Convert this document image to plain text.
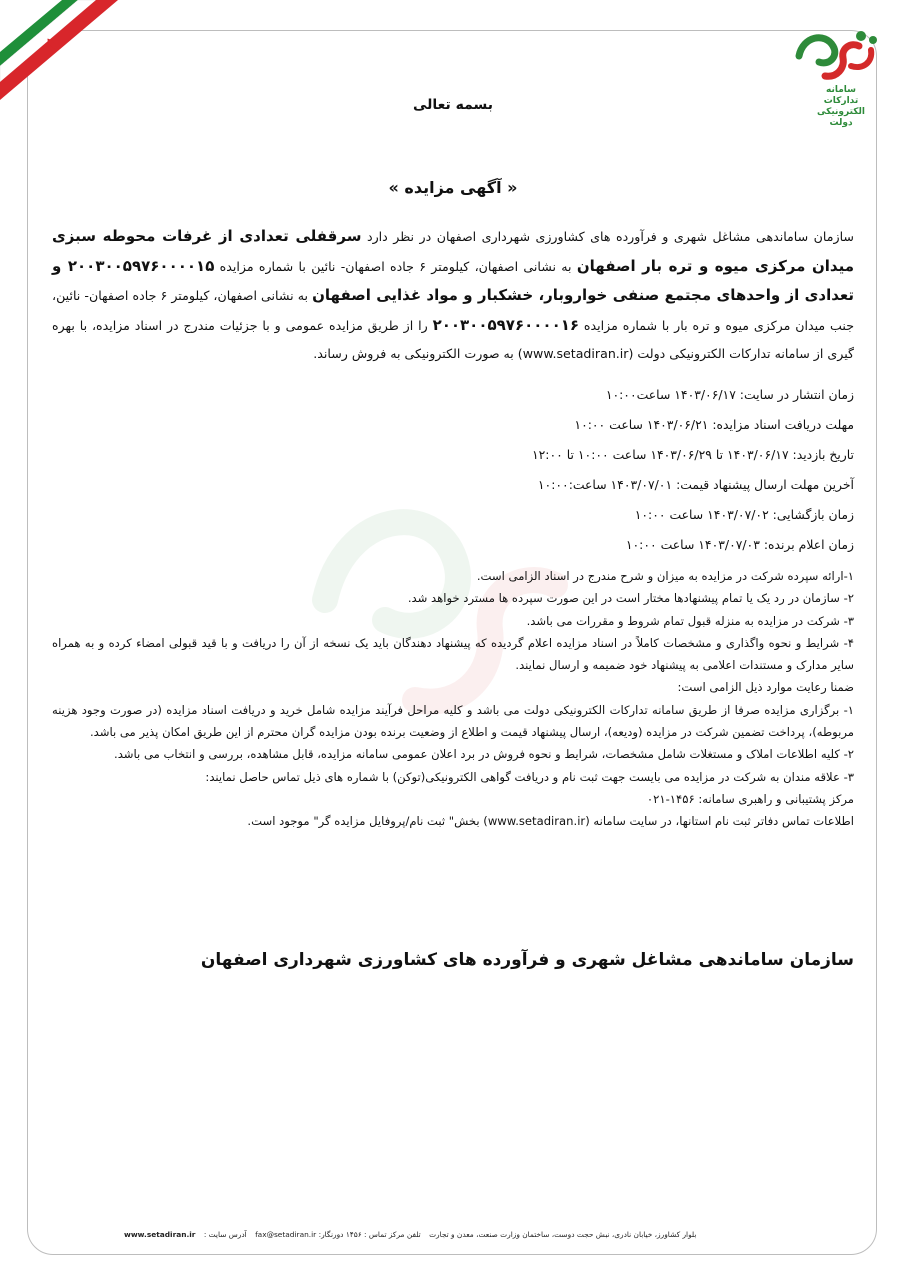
سامانه
تدارکات
الکترونیکی
دولت
بسمه تعالی
« آگهی مزایده »
سازمان ساماندهی مشاغل شهری و فرآورده های کشاورزی شهرداری اصفهان در نظر دارد سرقفلی تعدادی از غرفات محوطه سبزی میدان مرکزی میوه و تره بار اصفهان به نشانی اصفهان، کیلومتر ۶ جاده اصفهان- نائین با شماره مزایده ۲۰۰۳۰۰۵۹۷۶۰۰۰۰۱۵ و تعدادی از واحدهای مجتمع صنفی خواروبار، خشکبار و مواد غذایی اصفهان به نشانی اصفهان، کیلومتر ۶ جاده اصفهان- نائین، جنب میدان مرکزی میوه و تره بار با شماره مزایده ۲۰۰۳۰۰۵۹۷۶۰۰۰۰۱۶ را از طریق مزایده عمومی و با جزئیات مندرج در اسناد مزایده، با بهره گیری از سامانه تدارکات الکترونیکی دولت (www.setadiran.ir) به صورت الکترونیکی به فروش رساند.

زمان انتشار در سایت: ۱۴۰۳/۰۶/۱۷ ساعت۱۰:۰۰

مهلت دریافت اسناد مزایده: ۱۴۰۳/۰۶/۲۱ ساعت ۱۰:۰۰

تاریخ بازدید: ۱۴۰۳/۰۶/۱۷ تا ۱۴۰۳/۰۶/۲۹ ساعت ۱۰:۰۰ تا ۱۲:۰۰

آخرین مهلت ارسال پیشنهاد قیمت: ۱۴۰۳/۰۷/۰۱ ساعت:۱۰:۰۰

زمان بازگشایی: ۱۴۰۳/۰۷/۰۲ ساعت ۱۰:۰۰

زمان اعلام برنده: ۱۴۰۳/۰۷/۰۳ ساعت ۱۰:۰۰

۱-ارائه سپرده شرکت در مزایده به میزان و شرح مندرج در اسناد الزامی است.

۲- سازمان در رد یک یا تمام پیشنهادها مختار است در این صورت سپرده ها مسترد خواهد شد.

۳- شرکت در مزایده به منزله قبول تمام شروط و مقررات می باشد.

۴- شرایط و نحوه واگذاری و مشخصات کاملاً در اسناد مزایده اعلام گردیده که پیشنهاد دهندگان باید یک نسخه از آن را دریافت و با قید قبولی امضاء کرده و به همراه سایر مدارک و مستندات اعلامی به پیشنهاد خود ضمیمه و ارسال نمایند.

ضمنا رعایت موارد ذیل الزامی است:

۱- برگزاری مزایده صرفا از طریق سامانه تدارکات الکترونیکی دولت می باشد و کلیه مراحل فرآیند مزایده شامل خرید و دریافت اسناد مزایده (در صورت وجود هزینه مربوطه)، پرداخت تضمین شرکت در مزایده (ودیعه)، ارسال پیشنهاد قیمت و اطلاع از وضعیت برنده بودن مزایده گران محترم از این طریق امکان پذیر می باشد.

۲- کلیه اطلاعات املاک و مستغلات شامل مشخصات، شرایط و نحوه فروش در برد اعلان عمومی سامانه مزایده، قابل مشاهده، بررسی و انتخاب می باشد.

۳- علاقه مندان به شرکت در مزایده می بایست جهت ثبت نام و دریافت گواهی الکترونیکی(توکن) با شماره های ذیل تماس حاصل نمایند:

مرکز پشتیبانی و راهبری سامانه: ۱۴۵۶-۰۲۱

اطلاعات تماس دفاتر ثبت نام استانها، در سایت سامانه (www.setadiran.ir) بخش" ثبت نام/پروفایل مزایده گر" موجود است.

سازمان ساماندهی مشاغل شهری و فرآورده های کشاورزی شهرداری اصفهان
بلوار کشاورز، خیابان نادری، نبش حجت دوست، ساختمان وزارت صنعت، معدن و تجارت تلفن مرکز تماس : ۱۴۵۶ دورنگار: fax@setadiran.ir آدرس سایت : www.setadiran.ir
